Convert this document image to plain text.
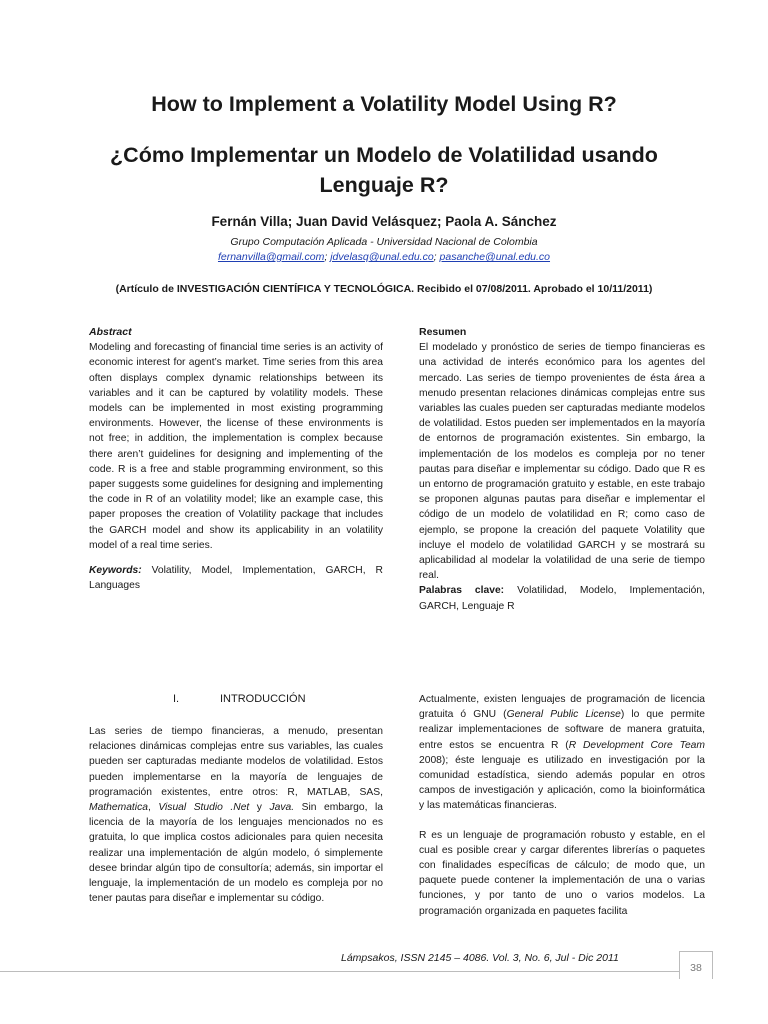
How to Implement a Volatility Model Using R?
¿Cómo Implementar un Modelo de Volatilidad usando Lenguaje R?
Fernán Villa; Juan David Velásquez; Paola A. Sánchez
Grupo Computación Aplicada - Universidad Nacional de Colombia
fernanvilla@gmail.com; jdvelasq@unal.edu.co; pasanche@unal.edu.co
(Artículo de INVESTIGACIÓN CIENTÍFICA Y TECNOLÓGICA. Recibido el 07/08/2011. Aprobado el 10/11/2011)
Abstract

Modeling and forecasting of financial time series is an activity of economic interest for agent’s market. Time series from this area often displays complex dynamic relationships between its variables and it can be captured by volatility models. These models can be implemented in most existing programming environments. However, the license of these environments is not free; in addition, the implementation is complex because there aren’t guidelines for designing and implementing of the code. R is a free and stable programming environment, so this paper suggests some guidelines for designing and implementing the code in R of an volatility model; like an example case, this paper proposes the creation of Volatility package that includes the GARCH model and show its applicability in an volatility model of a real time series.

Keywords: Volatility, Model, Implementation, GARCH, R Languages

Resumen

El modelado y pronóstico de series de tiempo financieras es una actividad de interés económico para los agentes del mercado. Las series de tiempo provenientes de ésta área a menudo presentan relaciones dinámicas complejas entre sus variables las cuales pueden ser capturadas mediante modelos de volatilidad. Estos pueden ser implementados en la mayoría de entornos de programación existentes. Sin embargo, la implementación de los modelos es compleja por no tener pautas para diseñar e implementar su código. Dado que R es un entorno de programación gratuito y estable, en este trabajo se proponen algunas pautas para diseñar e implementar el código de un modelo de volatilidad en R; como caso de ejemplo, se propone la creación del paquete Volatility que incluye el modelo de volatilidad GARCH y se mostrará su aplicabilidad al modelar la volatilidad de una serie de tiempo real.

Palabras clave: Volatilidad, Modelo, Implementación, GARCH, Lenguaje R

I.	INTRODUCCIÓN

Las series de tiempo financieras, a menudo, presentan relaciones dinámicas complejas entre sus variables, las cuales pueden ser capturadas mediante modelos de volatilidad. Estos pueden implementarse en la mayoría de lenguajes de programación existentes, entre otros: R, MATLAB, SAS, Mathematica, Visual Studio .Net y Java. Sin embargo, la licencia de la mayoría de los lenguajes mencionados no es gratuita, lo que implica costos adicionales para quien necesita realizar una implementación de algún modelo, ó simplemente desee brindar algún tipo de consultoría; además, sin importar el lenguaje, la implementación de un modelo es compleja por no tener pautas para diseñar e implementar su código.

Actualmente, existen lenguajes de programación de licencia gratuita ó GNU (General Public License) lo que permite realizar implementaciones de software de manera gratuita, entre estos se encuentra R (R Development Core Team 2008); éste lenguaje es utilizado en investigación por la comunidad estadística, siendo además popular en otros campos de investigación y aplicación, como la bioinformática y las matemáticas financieras.

R es un lenguaje de programación robusto y estable, en el cual es posible crear y cargar diferentes librerías o paquetes con finalidades específicas de cálculo; de modo que, un paquete puede contener la implementación de una o varias funciones, y por tanto de uno o varios modelos. La programación organizada en paquetes facilita

Lámpsakos, ISSN 2145 – 4086. Vol. 3, No. 6, Jul - Dic 2011
38
